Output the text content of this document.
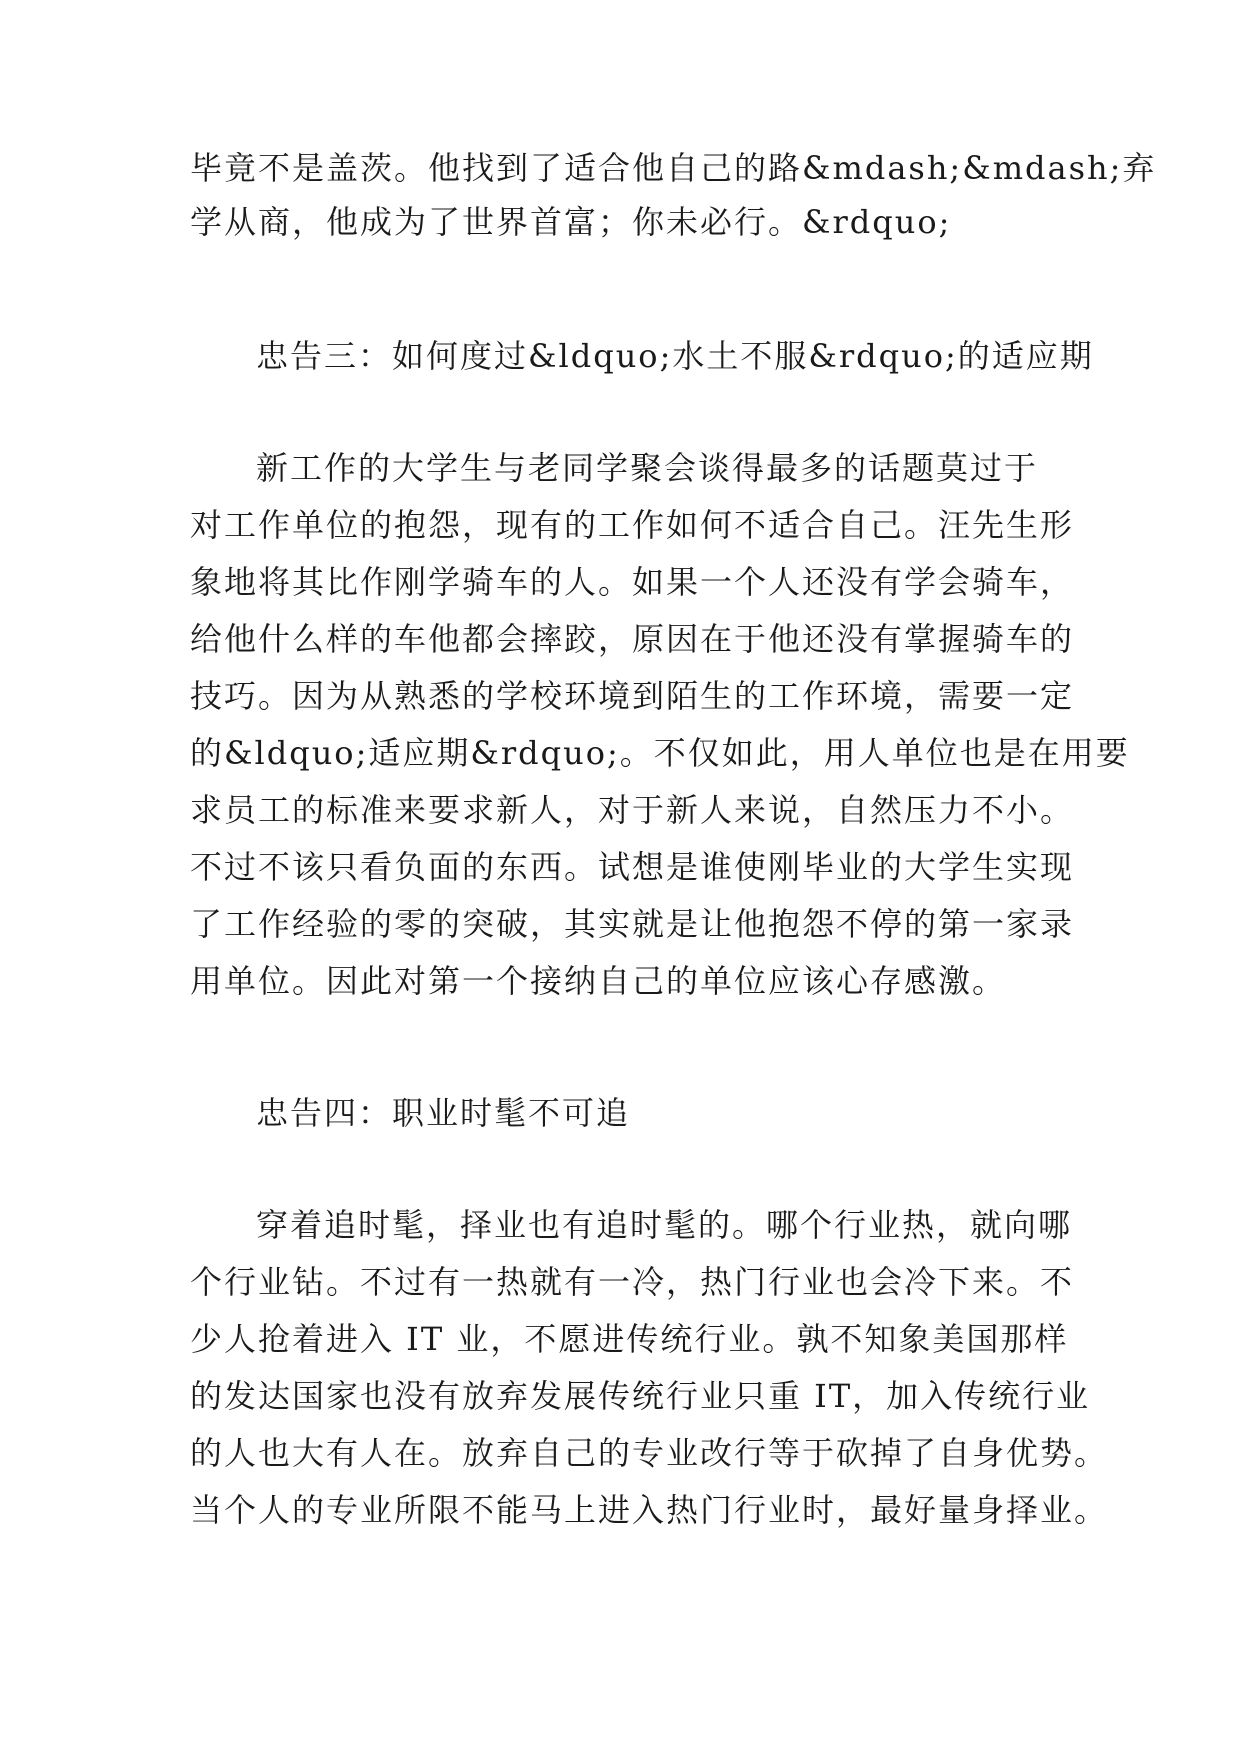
毕竟不是盖茨。他找到了适合他自己的路&mdash;&mdash;弃

学从商，他成为了世界首富；你未必行。&rdquo;

忠告三：如何度过&ldquo;水土不服&rdquo;的适应期

新工作的大学生与老同学聚会谈得最多的话题莫过于

对工作单位的抱怨，现有的工作如何不适合自己。汪先生形

象地将其比作刚学骑车的人。如果一个人还没有学会骑车，

给他什么样的车他都会摔跤，原因在于他还没有掌握骑车的

技巧。因为从熟悉的学校环境到陌生的工作环境，需要一定

的&ldquo;适应期&rdquo;。不仅如此，用人单位也是在用要

求员工的标准来要求新人，对于新人来说，自然压力不小。

不过不该只看负面的东西。试想是谁使刚毕业的大学生实现

了工作经验的零的突破，其实就是让他抱怨不停的第一家录

用单位。因此对第一个接纳自己的单位应该心存感激。

忠告四：职业时髦不可追

穿着追时髦，择业也有追时髦的。哪个行业热，就向哪

个行业钻。不过有一热就有一冷，热门行业也会冷下来。不

少人抢着进入 IT 业，不愿进传统行业。孰不知象美国那样

的发达国家也没有放弃发展传统行业只重 IT，加入传统行业

的人也大有人在。放弃自己的专业改行等于砍掉了自身优势。

当个人的专业所限不能马上进入热门行业时，最好量身择业。
